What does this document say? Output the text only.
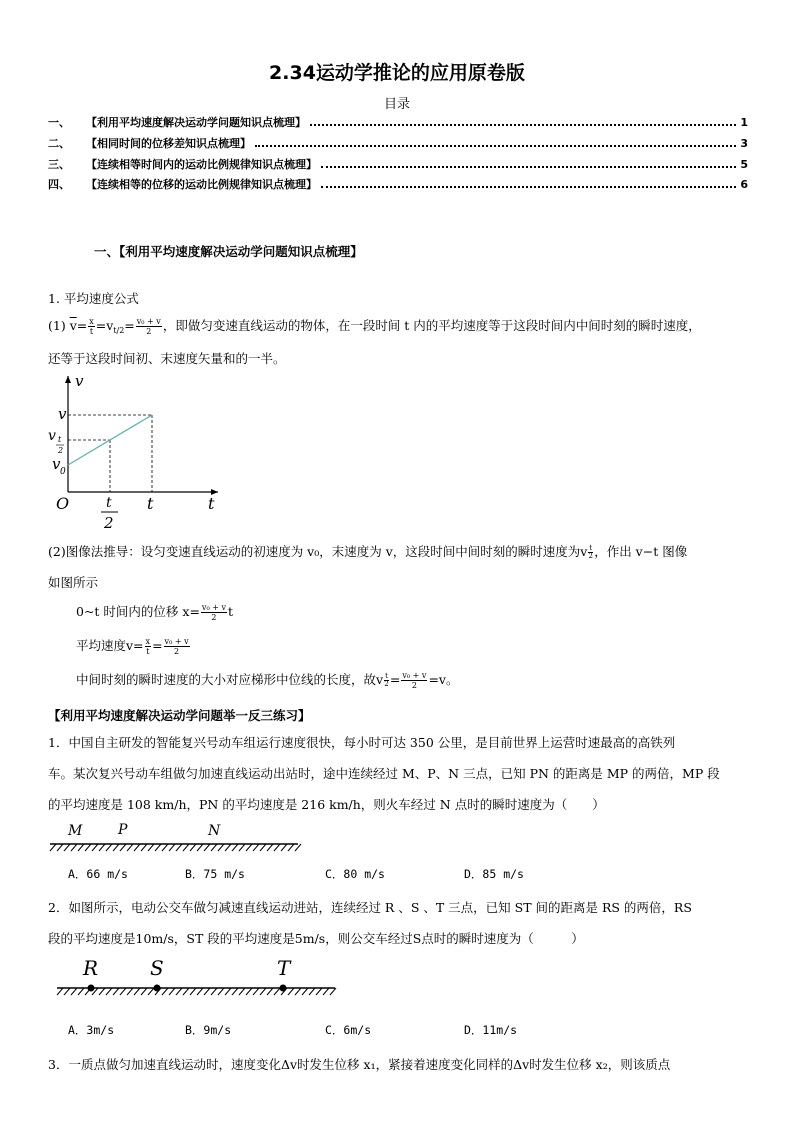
2.34运动学推论的应用原卷版
目录
一、	【利用平均速度解决运动学问题知识点梳理】	1
二、	【相同时间的位移差知识点梳理】	3
三、	【连续相等时间内的运动比例规律知识点梳理】	5
四、	【连续相等的位移的运动比例规律知识点梳理】	6
一、【利用平均速度解决运动学问题知识点梳理】
1. 平均速度公式
(1) $\overline{v}= \frac{x}{t} =v_{t/2}= \frac{\text{v₀ + v}}{2}$ ，即做匀变速直线运动的物体，在一段时间 t 内的平均速度等于这段时间内中间时刻的瞬时速度，
还等于这段时间初、末速度矢量和的一半。
v
t
O
v
v t
2
v 0
t
2
t
(2)图像法推导：设匀变速直线运动的初速度为 v₀，末速度为 v，这段时间中间时刻的瞬时速度为v $\frac{t}{2}$ ，作出 v−t 图像
如图所示
0~t 时间内的位移 $x= \frac{\text{v₀ + v}}{2}$ t
平均速度$v= \frac{x}{t} = \frac{\text{v₀ + v}}{2}$
中间时刻的瞬时速度的大小对应梯形中位线的长度，故v $\frac{t}{2} = \frac{\text{v₀ + v}}{2} =v$。
【利用平均速度解决运动学问题举一反三练习】
1．中国自主研发的智能复兴号动车组运行速度很快，每小时可达 350 公里，是目前世界上运营时速最高的高铁列
车。某次复兴号动车组做匀加速直线运动出站时，途中连续经过 M、P、N 三点，已知 PN 的距离是 MP 的两倍，MP 段
的平均速度是 108 km/h，PN 的平均速度是 216 km/h，则火车经过 N 点时的瞬时速度为（　　）
M	P	N
A．66 m/s	B．75 m/s	C．80 m/s	D．85 m/s
2．如图所示，电动公交车做匀减速直线运动进站，连续经过 R 、S 、T 三点，已知 ST 间的距离是 RS 的两倍，RS
段的平均速度是10m/s，ST 段的平均速度是5m/s，则公交车经过S点时的瞬时速度为（　　　）
R	S	T
A．3m/s	B．9m/s	C．6m/s	D．11m/s
3．一质点做匀加速直线运动时，速度变化Δv时发生位移 x₁，紧接着速度变化同样的Δv时发生位移 x₂，则该质点
